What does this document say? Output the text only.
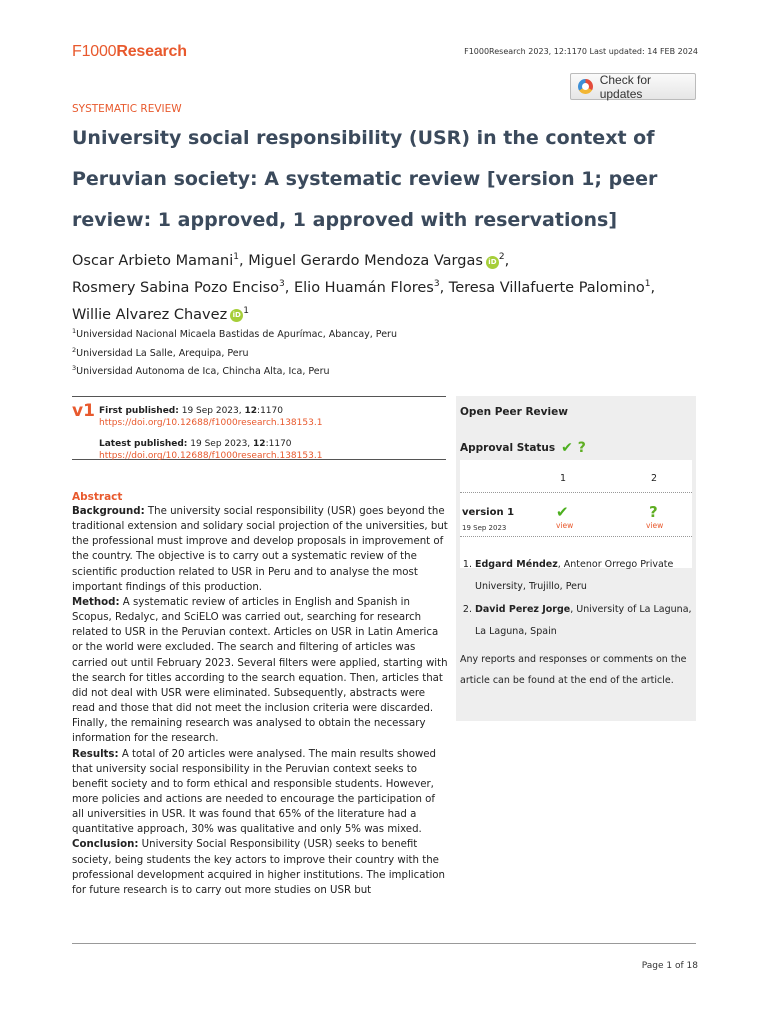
F1000Research	F1000Research 2023, 12:1170 Last updated: 14 FEB 2024
Check for updates
SYSTEMATIC REVIEW
University social responsibility (USR) in the context of Peruvian society: A systematic review [version 1; peer review: 1 approved, 1 approved with reservations]
Oscar Arbieto Mamani$^1$, Miguel Gerardo Mendoza Vargas iD $^2$,
Rosmery Sabina Pozo Enciso$^3$, Elio Huamán Flores$^3$, Teresa Villafuerte Palomino$^1$,
Willie Alvarez Chavez iD $^1$
$^1$Universidad Nacional Micaela Bastidas de Apurímac, Abancay, Peru
$^2$Universidad La Salle, Arequipa, Peru
$^3$Universidad Autonoma de Ica, Chincha Alta, Ica, Peru
v1 First published: 19 Sep 2023, 12:1170
https://doi.org/10.12688/f1000research.138153.1
Latest published: 19 Sep 2023, 12:1170
https://doi.org/10.12688/f1000research.138153.1
Abstract

Background: The university social responsibility (USR) goes beyond the traditional extension and solidary social projection of the universities, but the professional must improve and develop proposals in improvement of the country. The objective is to carry out a systematic review of the scientific production related to USR in Peru and to analyse the most important findings of this production.

Method: A systematic review of articles in English and Spanish in Scopus, Redalyc, and SciELO was carried out, searching for research related to USR in the Peruvian context. Articles on USR in Latin America or the world were excluded. The search and filtering of articles was carried out until February 2023. Several filters were applied, starting with the search for titles according to the search equation. Then, articles that did not deal with USR were eliminated. Subsequently, abstracts were read and those that did not meet the inclusion criteria were discarded. Finally, the remaining research was analysed to obtain the necessary information for the research.

Results: A total of 20 articles were analysed. The main results showed that university social responsibility in the Peruvian context seeks to benefit society and to form ethical and responsible students. However, more policies and actions are needed to encourage the participation of all universities in USR. It was found that 65% of the literature had a quantitative approach, 30% was qualitative and only 5% was mixed.

Conclusion: University Social Responsibility (USR) seeks to benefit society, being students the key actors to improve their country with the professional development acquired in higher institutions. The implication for future research is to carry out more studies on USR but

Open Peer Review
Approval Status ✔ ?
1	2
version 1
19 Sep 2023
✔	?
view	view
1. Edgard Méndez, Antenor Orrego Private University, Trujillo, Peru
2. David Perez Jorge, University of La Laguna, La Laguna, Spain
Any reports and responses or comments on the article can be found at the end of the article.
Page 1 of 18
